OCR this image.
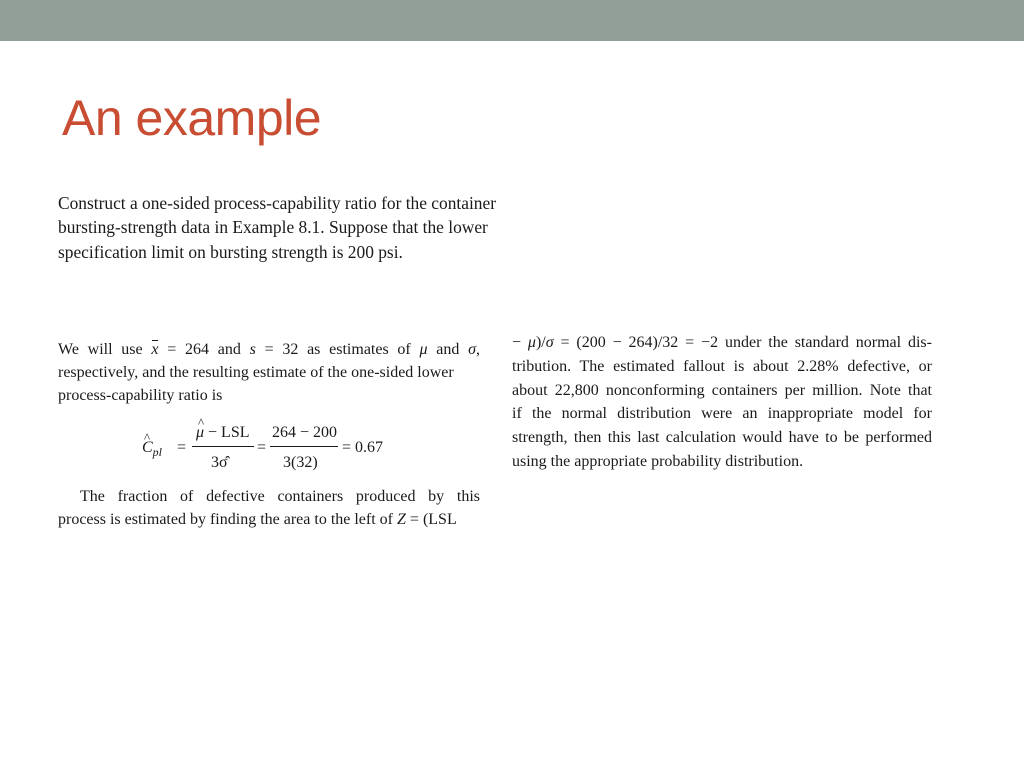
An example
Construct a one-sided process-capability ratio for the container
bursting-strength data in Example 8.1. Suppose that the lower
specification limit on bursting strength is 200 psi.
We will use x = 264 and s = 32 as estimates of μ and σ,
respectively, and the resulting estimate of the one-sided lower
process-capability ratio is
^ $C_{pl}$ =
^ μ − LSL
3σ̂
=
264 − 200
3(32)
= 0.67
The fraction of defective containers produced by this
process is estimated by finding the area to the left of Z = (LSL
− μ)/σ = (200 − 264)/32 = −2 under the standard normal dis-
tribution. The estimated fallout is about 2.28% defective, or
about 22,800 nonconforming containers per million. Note that
if the normal distribution were an inappropriate model for
strength, then this last calculation would have to be performed
using the appropriate probability distribution.
